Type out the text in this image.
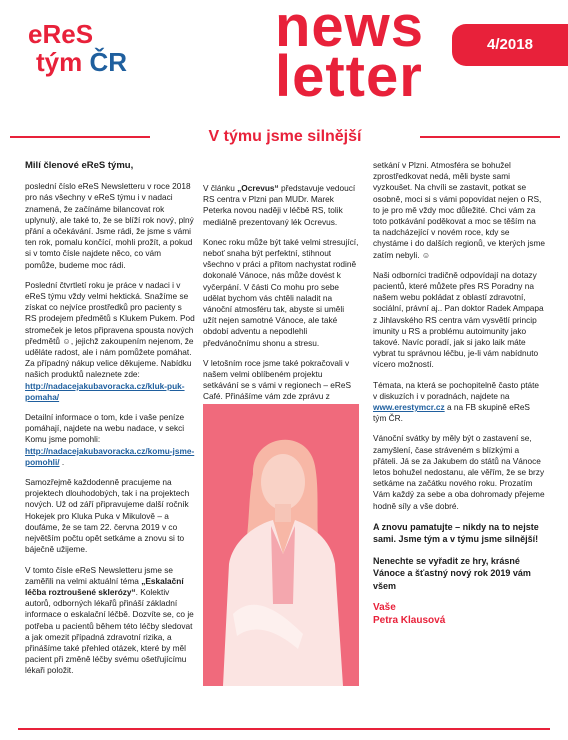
eReS
tým ČR
news
letter	4/2018
V týmu jsme silnější

Milí členové eReS týmu,

poslední číslo eReS Newsletteru v roce 2018 pro nás všechny v eReS týmu i v nadaci znamená, že začínáme bilancovat rok uplynulý, ale také to, že se blíží rok nový, plný přání a očekávání. Jsme rádi, že jsme s vámi ten rok, pomalu končící, mohli prožít, a pokud si v tomto čísle najdete něco, co vám pomůže, budeme moc rádi.

Poslední čtvrtletí roku je práce v nadaci i v eReS týmu vždy velmi hektická. Snažíme se získat co nejvíce prostředků pro pacienty s RS prodejem předmětů s Klukem Pukem. Pod stromeček je letos připravena spousta nových předmětů ☺, jejichž zakoupením nejenom, že uděláte radost, ale i nám pomůžete pomáhat. Za případný nákup velice děkujeme. Nabídku našich produktů naleznete zde:
http://nadacejakubavoracka.cz/kluk-puk-pomaha/

Detailní informace o tom, kde i vaše peníze pomáhají, najdete na webu nadace, v sekci Komu jsme pomohli:
http://nadacejakubavoracka.cz/komu-jsme-pomohli/ .

Samozřejmě každodenně pracujeme na projektech dlouhodobých, tak i na projektech nových. Už od září připravujeme další ročník Hokejek pro Kluka Puka v Mikulově – a doufáme, že se tam 22. června 2019 v co největším počtu opět setkáme a znovu si to báječně užijeme.

V tomto čísle eReS Newsletteru jsme se zaměřili na velmi aktuální téma „Eskalační léčba roztroušené sklerózy“. Kolektiv autorů, odborných lékařů přináší základní informace o eskalační léčbě. Dozvíte se, co je potřeba u pacientů během této léčby sledovat a jak omezit případná zdravotní rizika, a přinášíme také přehled otázek, které by měl pacient při změně léčby svému ošetřujícímu lékaři položit.

V článku „Ocrevus“ představuje vedoucí RS centra v Plzni pan MUDr. Marek Peterka novou naději v léčbě RS, tolik mediálně prezentovaný lék Ocrevus.

Konec roku může být také velmi stresující, neboť snaha být perfektní, stihnout všechno v práci a přitom nachystat rodině dokonalé Vánoce, nás může dovést k vyčerpání. V části Co mohu pro sebe udělat bychom vás chtěli naladit na vánoční atmosféru tak, abyste si uměli užít nejen samotné Vánoce, ale také období adventu a nepodlehli předvánočnímu shonu a stresu.

V letošním roce jsme také pokračovali v našem velmi oblíbeném projektu setkávání se s vámi v regionech – eReS Café. Přinášíme vám zde zprávu z

setkání v Plzni. Atmosféra se bohužel zprostředkovat nedá, měli byste sami vyzkoušet. Na chvíli se zastavit, potkat se osobně, moci si s vámi popovídat nejen o RS, to je pro mě vždy moc důležité. Chci vám za toto potkávání poděkovat a moc se těším na ta nadcházející v novém roce, kdy se chystáme i do dalších regionů, ve kterých jsme zatím nebyli. ☺

Naši odborníci tradičně odpovídají na dotazy pacientů, které můžete přes RS Poradny na našem webu pokládat z oblastí zdravotní, sociální, právní aj.. Pan doktor Radek Ampapa z Jihlavského RS centra vám vysvětlí princip imunity u RS a problému autoimunity jako takové. Navíc poradí, jak si jako laik máte vybrat tu správnou léčbu, je-li vám nabídnuto vícero možností.

Témata, na která se pochopitelně často ptáte v diskuzích i v poradnách, najdete na www.erestymcr.cz a na FB skupině eReS tým ČR.

Vánoční svátky by měly být o zastavení se, zamyšlení, čase stráveném s blízkými a přáteli. Já se za Jakubem do států na Vánoce letos bohužel nedostanu, ale věřím, že se brzy setkáme na začátku nového roku. Prozatím Vám každý za sebe a oba dohromady přejeme hodně síly a vše dobré.

A znovu pamatujte – nikdy na to nejste sami. Jsme tým a v týmu jsme silnější!

Nenechte se vyřadit ze hry, krásné Vánoce a šťastný nový rok 2019 vám všem

Vaše
Petra Klausová
